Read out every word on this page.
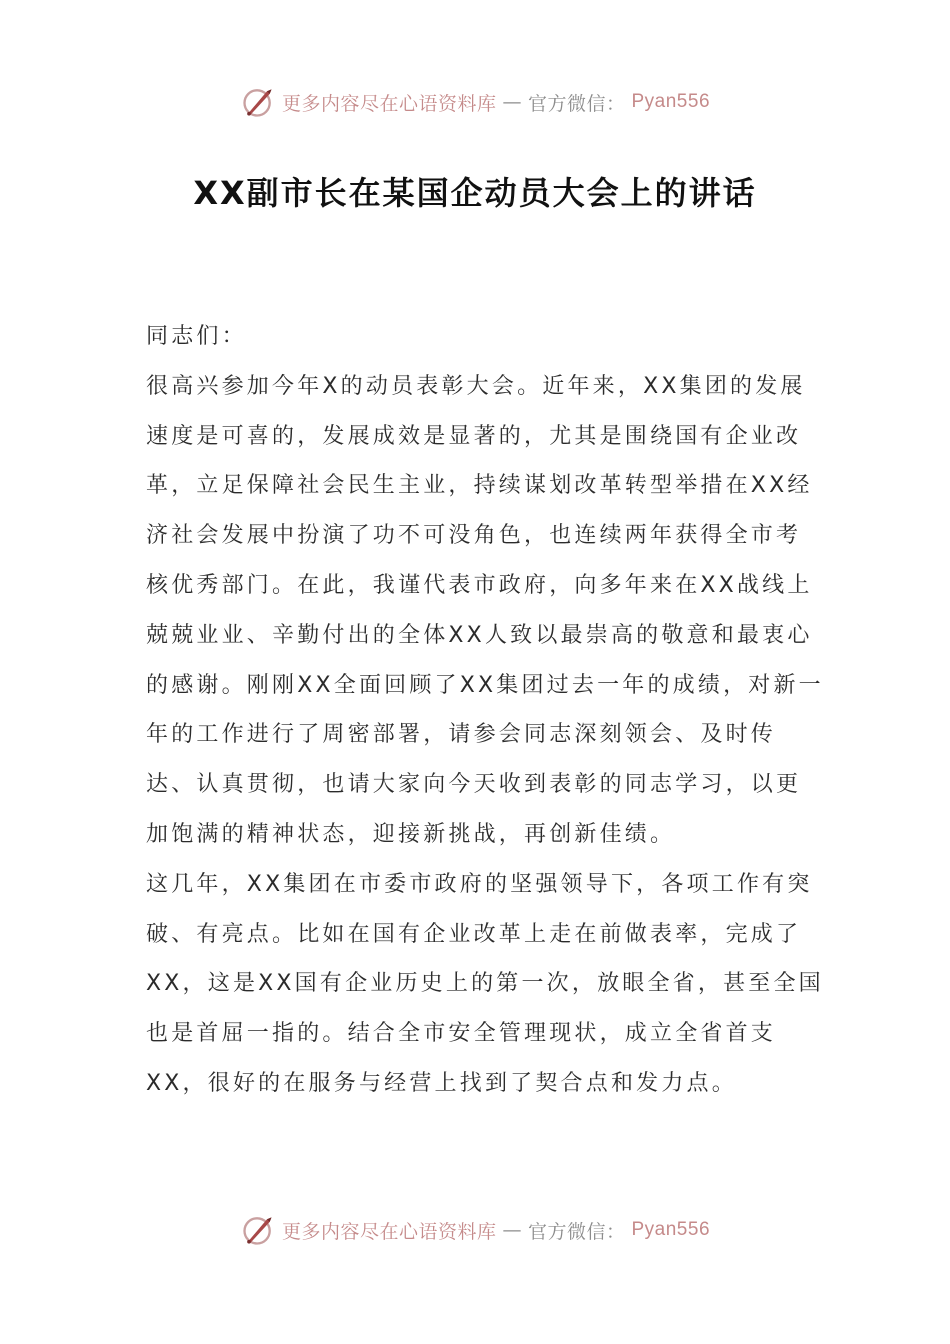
更多内容尽在心语资料库 — 官方微信： Pyan556
XX副市长在某国企动员大会上的讲话

同志们：

很高兴参加今年X的动员表彰大会。近年来，XX集团的发展速度是可喜的，发展成效是显著的，尤其是围绕国有企业改革，立足保障社会民生主业，持续谋划改革转型举措在XX经济社会发展中扮演了功不可没角色，也连续两年获得全市考核优秀部门。在此，我谨代表市政府，向多年来在XX战线上兢兢业业、辛勤付出的全体XX人致以最崇高的敬意和最衷心的感谢。刚刚XX全面回顾了XX集团过去一年的成绩，对新一年的工作进行了周密部署，请参会同志深刻领会、及时传达、认真贯彻，也请大家向今天收到表彰的同志学习，以更加饱满的精神状态，迎接新挑战，再创新佳绩。

这几年，XX集团在市委市政府的坚强领导下，各项工作有突破、有亮点。比如在国有企业改革上走在前做表率，完成了XX，这是XX国有企业历史上的第一次，放眼全省，甚至全国也是首屈一指的。结合全市安全管理现状，成立全省首支XX，很好的在服务与经营上找到了契合点和发力点。

更多内容尽在心语资料库 — 官方微信： Pyan556
